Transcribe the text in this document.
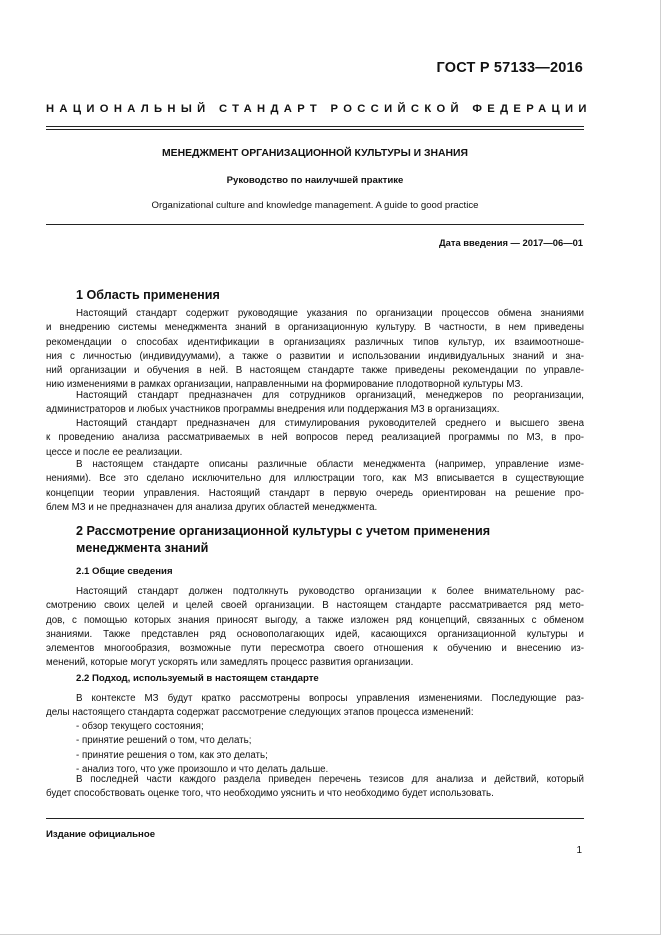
ГОСТ Р 57133—2016
НАЦИОНАЛЬНЫЙ СТАНДАРТ РОССИЙСКОЙ ФЕДЕРАЦИИ
МЕНЕДЖМЕНТ ОРГАНИЗАЦИОННОЙ КУЛЬТУРЫ И ЗНАНИЯ
Руководство по наилучшей практике
Organizational culture and knowledge management. A guide to good practice
Дата введения — 2017—06—01
1 Область применения
Настоящий стандарт содержит руководящие указания по организации процессов обмена знаниями
и внедрению системы менеджмента знаний в организационную культуру. В частности, в нем приведены
рекомендации о способах идентификации в организациях различных типов культур, их взаимоотноше-
ния с личностью (индивидуумами), а также о развитии и использовании индивидуальных знаний и зна-
ний организации и обучения в ней. В настоящем стандарте также приведены рекомендации по управле-
нию изменениями в рамках организации, направленными на формирование плодотворной культуры МЗ.
Настоящий стандарт предназначен для сотрудников организаций, менеджеров по реорганизации,
администраторов и любых участников программы внедрения или поддержания МЗ в организациях.
Настоящий стандарт предназначен для стимулирования руководителей среднего и высшего звена
к проведению анализа рассматриваемых в ней вопросов перед реализацией программы по МЗ, в про-
цессе и после ее реализации.
В настоящем стандарте описаны различные области менеджмента (например, управление изме-
нениями). Все это сделано исключительно для иллюстрации того, как МЗ вписывается в существующие
концепции теории управления. Настоящий стандарт в первую очередь ориентирован на решение про-
блем МЗ и не предназначен для анализа других областей менеджмента.
2 Рассмотрение организационной культуры с учетом применения
менеджмента знаний
2.1 Общие сведения
Настоящий стандарт должен подтолкнуть руководство организации к более внимательному рас-
смотрению своих целей и целей своей организации. В настоящем стандарте рассматривается ряд мето-
дов, с помощью которых знания приносят выгоду, а также изложен ряд концепций, связанных с обменом
знаниями. Также представлен ряд основополагающих идей, касающихся организационной культуры и
элементов многообразия, возможные пути пересмотра своего отношения к обучению и внесению из-
менений, которые могут ускорять или замедлять процесс развития организации.
2.2 Подход, используемый в настоящем стандарте
В контексте МЗ будут кратко рассмотрены вопросы управления изменениями. Последующие раз-
делы настоящего стандарта содержат рассмотрение следующих этапов процесса изменений:
- обзор текущего состояния;
- принятие решений о том, что делать;
- принятие решения о том, как это делать;
- анализ того, что уже произошло и что делать дальше.
В последней части каждого раздела приведен перечень тезисов для анализа и действий, который
будет способствовать оценке того, что необходимо уяснить и что необходимо будет использовать.
Издание официальное
1
